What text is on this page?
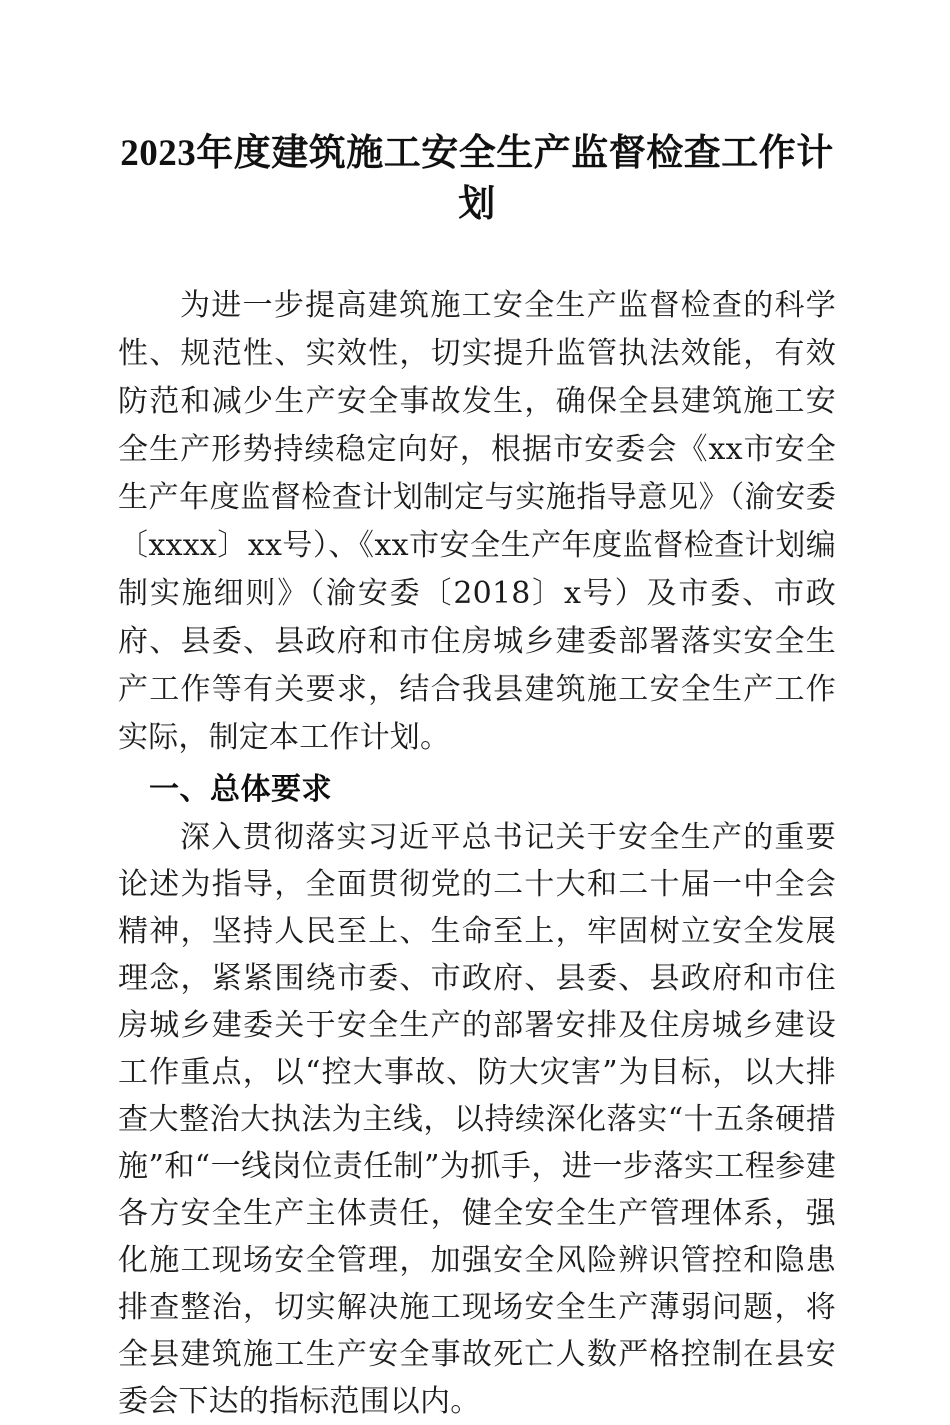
2023年度建筑施工安全生产监督检查工作计划

为进一步提高建筑施工安全生产监督检查的科学性、规范性、实效性，切实提升监管执法效能，有效防范和减少生产安全事故发生，确保全县建筑施工安全生产形势持续稳定向好，根据市安委会《xx市安全生产年度监督检查计划制定与实施指导意见》（渝安委〔xxxx〕xx号）、《xx市安全生产年度监督检查计划编制实施细则》（渝安委〔2018〕x号）及市委、市政府、县委、县政府和市住房城乡建委部署落实安全生产工作等有关要求，结合我县建筑施工安全生产工作实际，制定本工作计划。

一、总体要求

深入贯彻落实习近平总书记关于安全生产的重要论述为指导，全面贯彻党的二十大和二十届一中全会精神，坚持人民至上、生命至上，牢固树立安全发展理念，紧紧围绕市委、市政府、县委、县政府和市住房城乡建委关于安全生产的部署安排及住房城乡建设工作重点，以“控大事故、防大灾害”为目标，以大排查大整治大执法为主线，以持续深化落实“十五条硬措施”和“一线岗位责任制”为抓手，进一步落实工程参建各方安全生产主体责任，健全安全生产管理体系，强化施工现场安全管理，加强安全风险辨识管控和隐患排查整治，切实解决施工现场安全生产薄弱问题，将全县建筑施工生产安全事故死亡人数严格控制在县安委会下达的指标范围以内。
